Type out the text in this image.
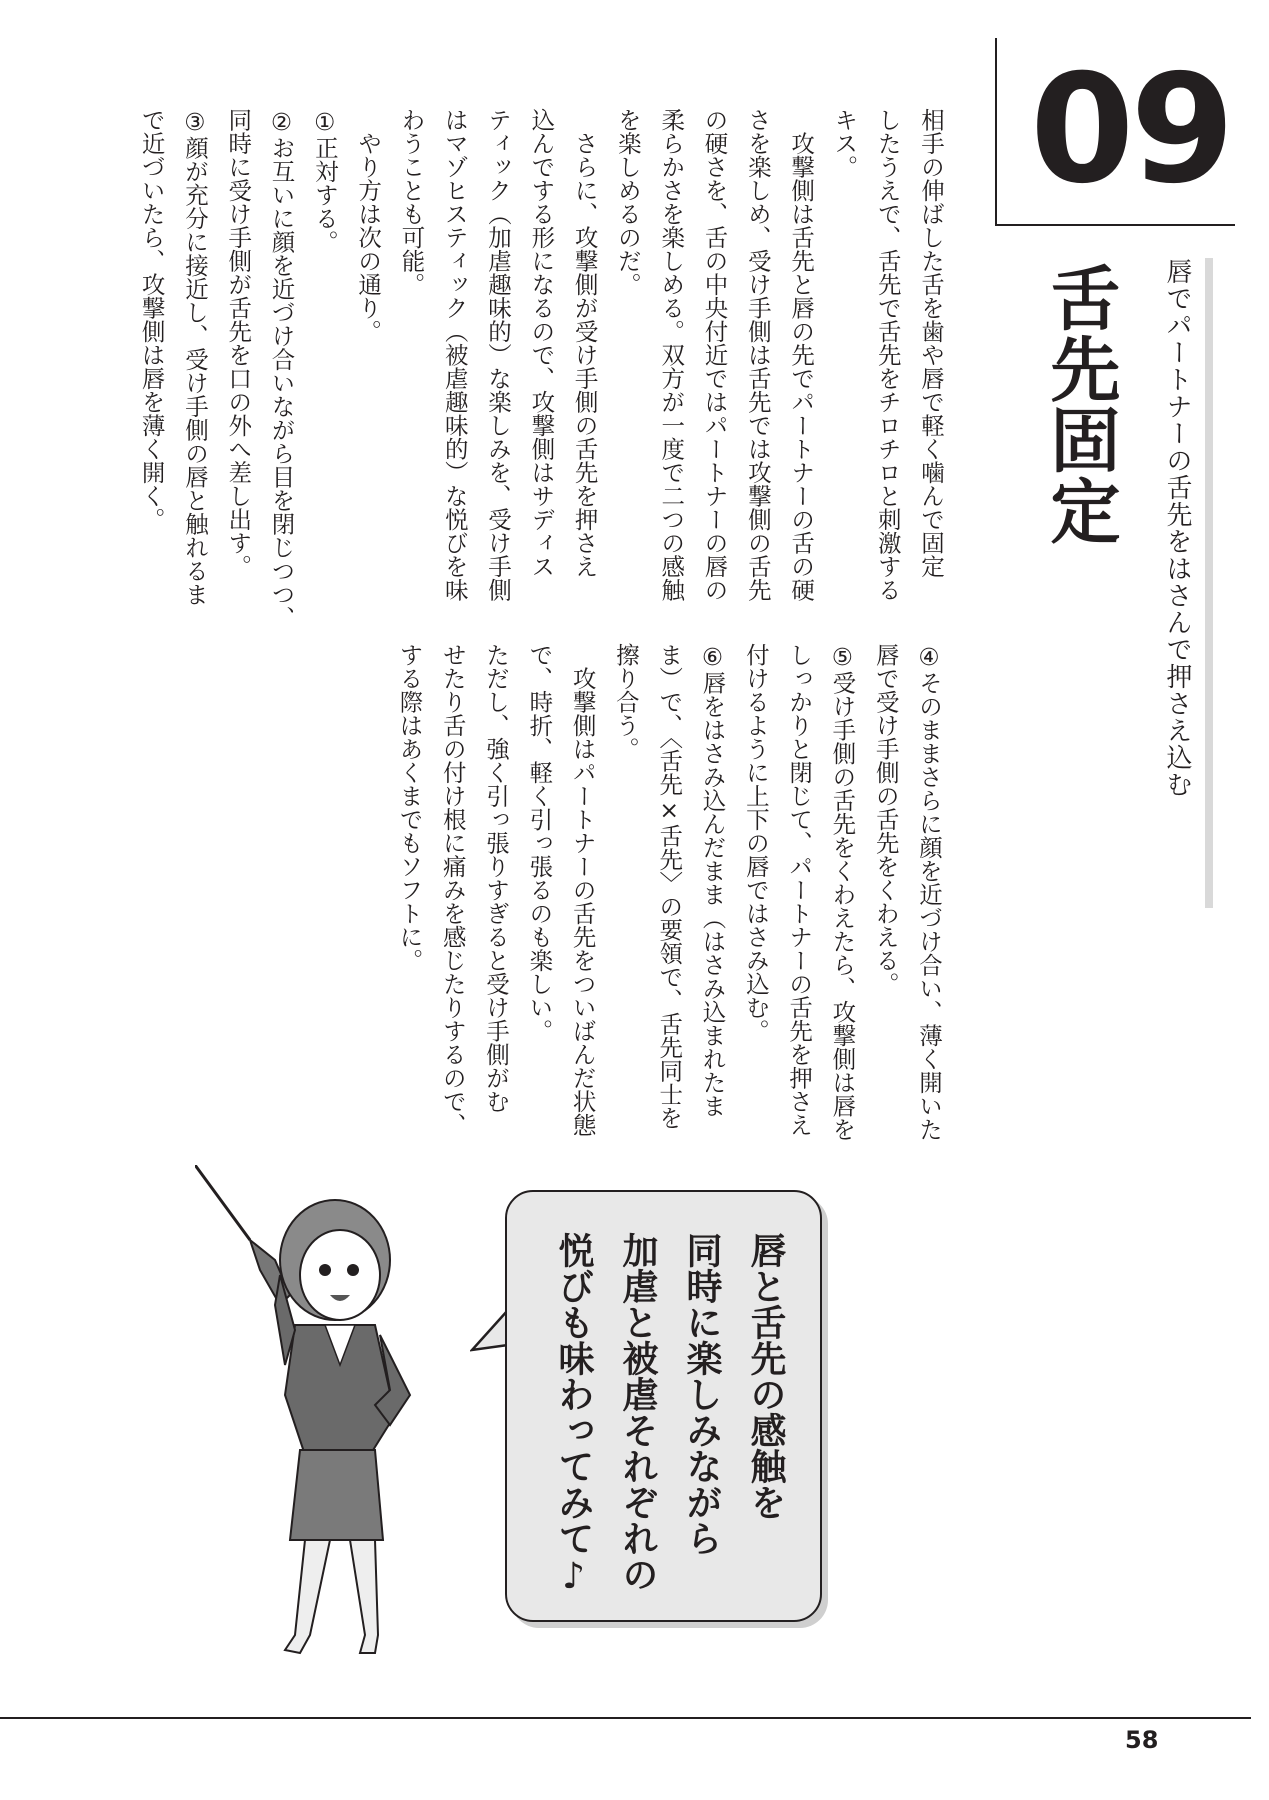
09
舌先固定 唇でパートナーの舌先をはさんで押さえ込む
相手の伸ばした舌を歯や唇で軽く噛んで固定
したうえで、舌先で舌先をチロチロと刺激する
キス。
　攻撃側は舌先と唇の先でパートナーの舌の硬
さを楽しめ、受け手側は舌先では攻撃側の舌先
の硬さを、舌の中央付近ではパートナーの唇の
柔らかさを楽しめる。双方が一度で二つの感触
を楽しめるのだ。
　さらに、攻撃側が受け手側の舌先を押さえ
込んでする形になるので、攻撃側はサディス
ティック（加虐趣味的）な楽しみを、受け手側
はマゾヒスティック（被虐趣味的）な悦びを味
わうことも可能。
　やり方は次の通り。
①正対する。
②お互いに顔を近づけ合いながら目を閉じつつ、
同時に受け手側が舌先を口の外へ差し出す。
③顔が充分に接近し、受け手側の唇と触れるま
で近づいたら、攻撃側は唇を薄く開く。
④そのままさらに顔を近づけ合い、薄く開いた
唇で受け手側の舌先をくわえる。
⑤受け手側の舌先をくわえたら、攻撃側は唇を
しっかりと閉じて、パートナーの舌先を押さえ
付けるように上下の唇ではさみ込む。
⑥唇をはさみ込んだまま（はさみ込まれたま
ま）で、〈舌先×舌先〉の要領で、舌先同士を
擦り合う。
　攻撃側はパートナーの舌先をついばんだ状態
で、時折、軽く引っ張るのも楽しい。
ただし、強く引っ張りすぎると受け手側がむ
せたり舌の付け根に痛みを感じたりするので、
する際はあくまでもソフトに。
唇と舌先の感触を
同時に楽しみながら
加虐と被虐それぞれの
悦びも味わってみて♪
58
